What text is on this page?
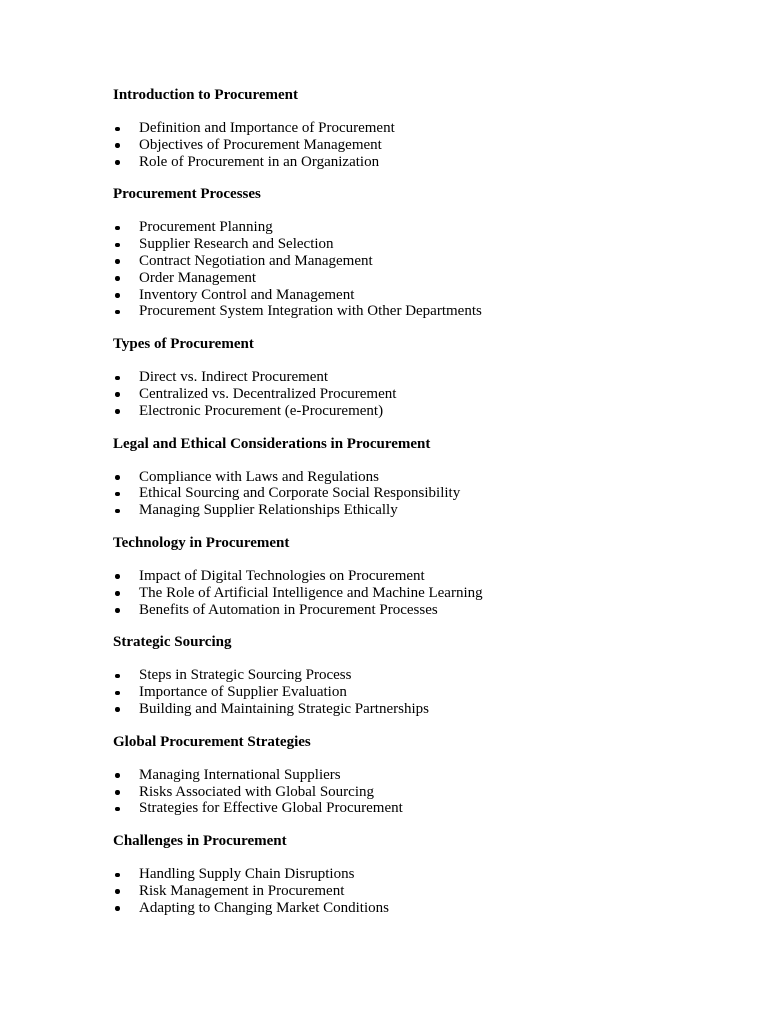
Introduction to Procurement
Definition and Importance of Procurement
Objectives of Procurement Management
Role of Procurement in an Organization
Procurement Processes
Procurement Planning
Supplier Research and Selection
Contract Negotiation and Management
Order Management
Inventory Control and Management
Procurement System Integration with Other Departments
Types of Procurement
Direct vs. Indirect Procurement
Centralized vs. Decentralized Procurement
Electronic Procurement (e-Procurement)
Legal and Ethical Considerations in Procurement
Compliance with Laws and Regulations
Ethical Sourcing and Corporate Social Responsibility
Managing Supplier Relationships Ethically
Technology in Procurement
Impact of Digital Technologies on Procurement
The Role of Artificial Intelligence and Machine Learning
Benefits of Automation in Procurement Processes
Strategic Sourcing
Steps in Strategic Sourcing Process
Importance of Supplier Evaluation
Building and Maintaining Strategic Partnerships
Global Procurement Strategies
Managing International Suppliers
Risks Associated with Global Sourcing
Strategies for Effective Global Procurement
Challenges in Procurement
Handling Supply Chain Disruptions
Risk Management in Procurement
Adapting to Changing Market Conditions
